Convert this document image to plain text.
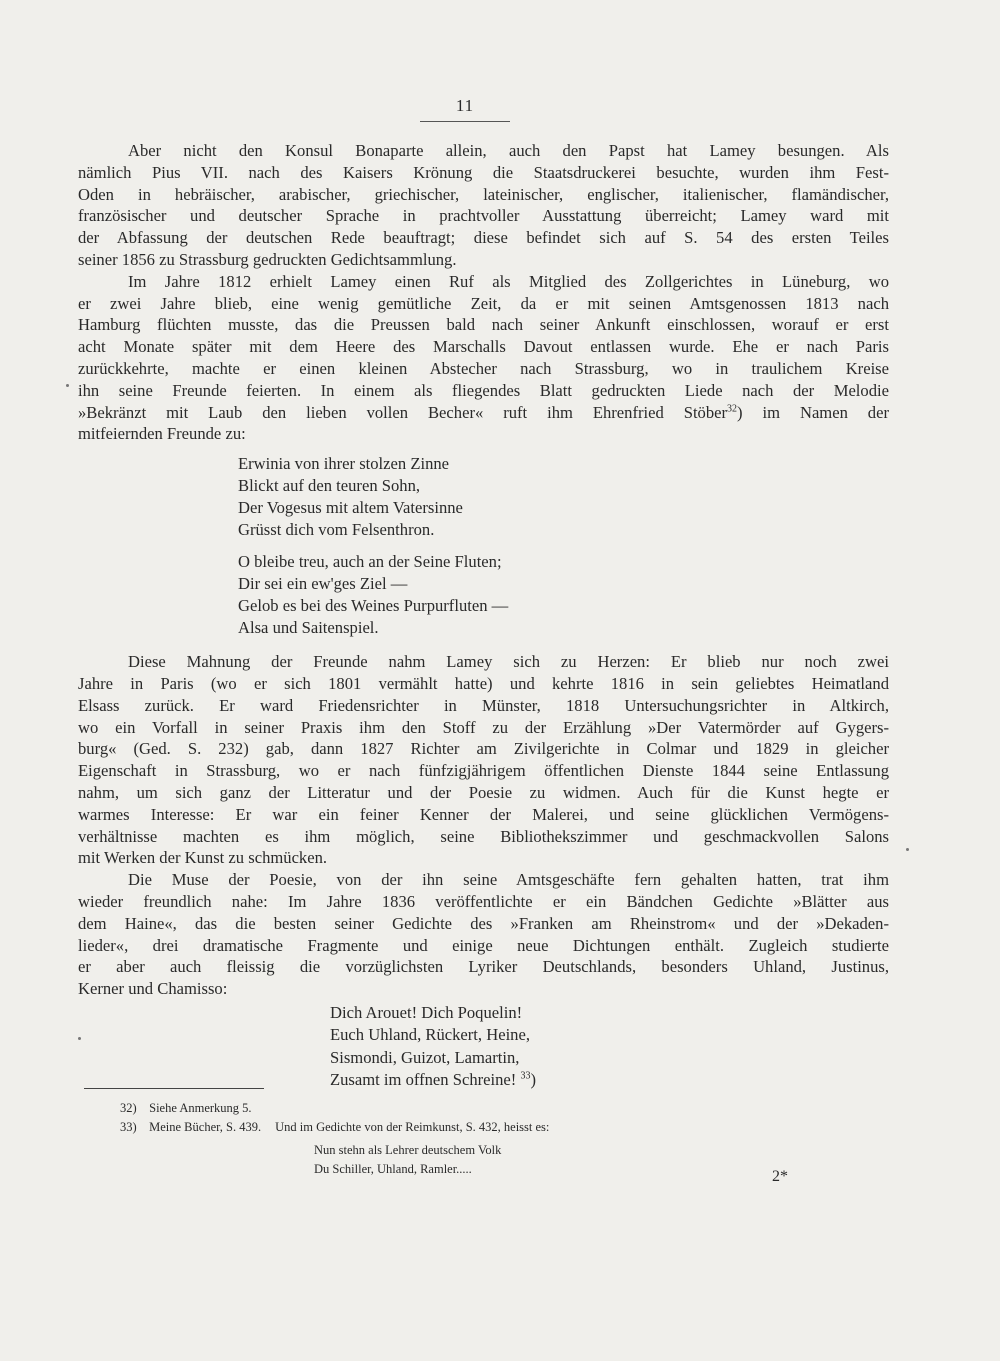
11
Aber nicht den Konsul Bonaparte allein, auch den Papst hat Lamey besungen. Als
nämlich Pius VII. nach des Kaisers Krönung die Staatsdruckerei besuchte, wurden ihm Fest-
Oden in hebräischer, arabischer, griechischer, lateinischer, englischer, italienischer, flamändischer,
französischer und deutscher Sprache in prachtvoller Ausstattung überreicht; Lamey ward mit
der Abfassung der deutschen Rede beauftragt; diese befindet sich auf S. 54 des ersten Teiles
seiner 1856 zu Strassburg gedruckten Gedichtsammlung.
Im Jahre 1812 erhielt Lamey einen Ruf als Mitglied des Zollgerichtes in Lüneburg, wo
er zwei Jahre blieb, eine wenig gemütliche Zeit, da er mit seinen Amtsgenossen 1813 nach
Hamburg flüchten musste, das die Preussen bald nach seiner Ankunft einschlossen, worauf er erst
acht Monate später mit dem Heere des Marschalls Davout entlassen wurde. Ehe er nach Paris
zurückkehrte, machte er einen kleinen Abstecher nach Strassburg, wo in traulichem Kreise
ihn seine Freunde feierten. In einem als fliegendes Blatt gedruckten Liede nach der Melodie
»Bekränzt mit Laub den lieben vollen Becher« ruft ihm Ehrenfried Stöber$^{32}$) im Namen der
mitfeiernden Freunde zu:
Erwinia von ihrer stolzen Zinne
Blickt auf den teuren Sohn,
Der Vogesus mit altem Vatersinne
Grüsst dich vom Felsenthron.
O bleibe treu, auch an der Seine Fluten;
Dir sei ein ew'ges Ziel —
Gelob es bei des Weines Purpurfluten —
Alsa und Saitenspiel.
Diese Mahnung der Freunde nahm Lamey sich zu Herzen: Er blieb nur noch zwei
Jahre in Paris (wo er sich 1801 vermählt hatte) und kehrte 1816 in sein geliebtes Heimatland
Elsass zurück. Er ward Friedensrichter in Münster, 1818 Untersuchungsrichter in Altkirch,
wo ein Vorfall in seiner Praxis ihm den Stoff zu der Erzählung »Der Vatermörder auf Gygers-
burg« (Ged. S. 232) gab, dann 1827 Richter am Zivilgerichte in Colmar und 1829 in gleicher
Eigenschaft in Strassburg, wo er nach fünfzigjährigem öffentlichen Dienste 1844 seine Entlassung
nahm, um sich ganz der Litteratur und der Poesie zu widmen. Auch für die Kunst hegte er
warmes Interesse: Er war ein feiner Kenner der Malerei, und seine glücklichen Vermögens-
verhältnisse machten es ihm möglich, seine Bibliothekszimmer und geschmackvollen Salons
mit Werken der Kunst zu schmücken.
Die Muse der Poesie, von der ihn seine Amtsgeschäfte fern gehalten hatten, trat ihm
wieder freundlich nahe: Im Jahre 1836 veröffentlichte er ein Bändchen Gedichte »Blätter aus
dem Haine«, das die besten seiner Gedichte des »Franken am Rheinstrom« und der »Dekaden-
lieder«, drei dramatische Fragmente und einige neue Dichtungen enthält. Zugleich studierte
er aber auch fleissig die vorzüglichsten Lyriker Deutschlands, besonders Uhland, Justinus,
Kerner und Chamisso:
Dich Arouet! Dich Poquelin!
Euch Uhland, Rückert, Heine,
Sismondi, Guizot, Lamartin,
Zusamt im offnen Schreine! $^{33}$)
32) Siehe Anmerkung 5.
33) Meine Bücher, S. 439. Und im Gedichte von der Reimkunst, S. 432, heisst es:
Nun stehn als Lehrer deutschem Volk
Du Schiller, Uhland, Ramler.....	2*
